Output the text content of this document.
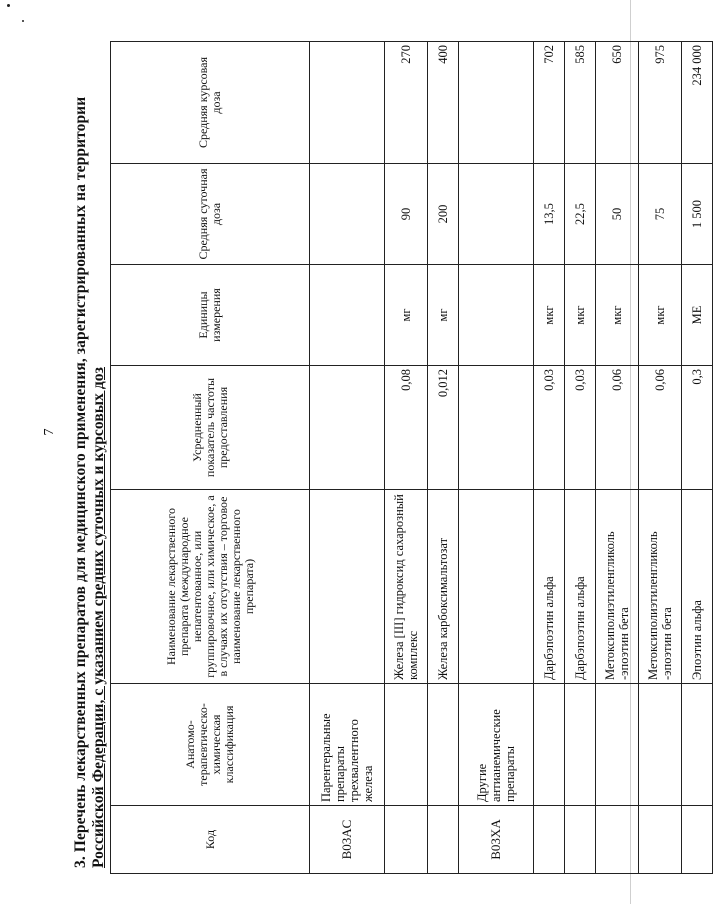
7 3. Перечень лекарственных препаратов для медицинского применения, зарегистрированных на территории Российской Федерации, с указанием средних суточных и курсовых доз	Код	Анатомо-терапевтическо-химическая классификация	Наименование лекарственного препарата (международное непатентованное, или группировочное, или химическое, а в случаях их отсутствия – торговое наименование лекарственного препарата)	Усредненный показатель частоты предоставления	Единицы измерения	Средняя суточная доза	Средняя курсовая доза
B03AC	Парентеральные препараты трехвалентного железа					
		Железа [III] гидроксид сахарозный комплекс	0,08	мг	90	270
		Железа карбоксимальтозат	0,012	мг	200	400
B03XA	Другие антианемические препараты					
		Дарбэпоэтин альфа	0,03	мкг	13,5	702
		Дарбэпоэтин альфа	0,03	мкг	22,5	585
		Метоксиполиэтиленгликоль -эпоэтин бета	0,06	мкг	50	650
		Метоксиполиэтиленгликоль -эпоэтин бета	0,06	мкг	75	975
		Эпоэтин альфа	0,3	МЕ	1 500	234 000
